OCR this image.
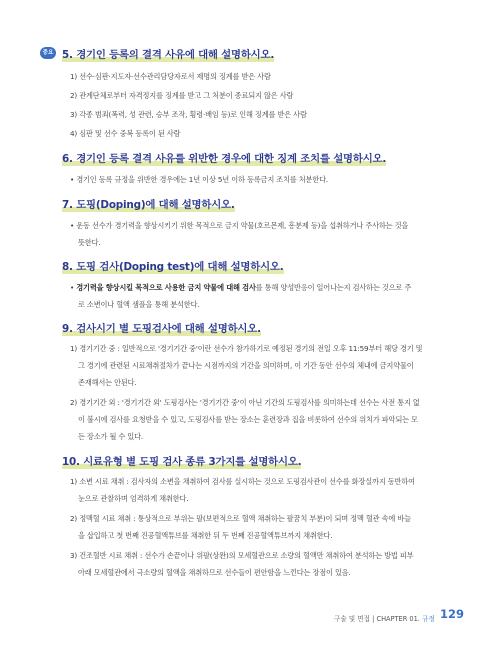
중요 5. 경기인 등록의 결격 사유에 대해 설명하시오.

1) 선수·심판·지도자·선수관리담당자로서 제명의 징계를 받은 사람

2) 관계단체로부터 자격정지를 징계를 받고 그 처분이 종료되지 않은 사람

3) 각종 범죄(폭력, 성 관련, 승부 조작, 횡령·배임 등)로 인해 징계를 받은 사람

4) 심판 및 선수 중복 등록이 된 사람

6. 경기인 등록 결격 사유를 위반한 경우에 대한 징계 조치를 설명하시오.

• 경기인 등록 규정을 위반한 경우에는 1년 이상 5년 이하 등록금지 조치를 처분한다.

7. 도핑(Doping)에 대해 설명하시오.

• 운동 선수가 경기력을 향상시키기 위한 목적으로 금지 약물(호르몬제, 흥분제 등)을 섭취하거나 주사하는 것을

뜻한다.

8. 도핑 검사(Doping test)에 대해 설명하시오.

• 경기력을 향상시킬 목적으로 사용한 금지 약물에 대해 검사를 통해 양성반응이 일어나는지 검사하는 것으로 주

로 소변이나 혈액 샘플을 통해 분석한다.

9. 검사시기 별 도핑검사에 대해 설명하시오.

1) 경기기간 중 : 일반적으로 '경기기간 중'이란 선수가 참가하기로 예정된 경기의 전일 오후 11:59부터 해당 경기 및

그 경기에 관련된 시료채취절차가 끝나는 시점까지의 기간을 의미하며, 이 기간 동안 선수의 체내에 금지약물이

존재해서는 안된다.

2) 경기기간 외 : '경기기간 외' 도핑검사는 '경기기간 중'이 아닌 기간의 도핑검사를 의미하는데 선수는 사전 통지 없

이 불시에 검사를 요청받을 수 있고, 도핑검사를 받는 장소는 훈련장과 집을 비롯하여 선수의 위치가 파악되는 모

든 장소가 될 수 있다.

10. 시료유형 별 도핑 검사 종류 3가지를 설명하시오.

1) 소변 시료 채취 : 검사자의 소변을 채취하여 검사를 실시하는 것으로 도핑검사관이 선수를 화장실까지 동반하여

눈으로 관찰하며 엄격하게 채취한다.

2) 정맥혈 시료 채취 : 통상적으로 부위는 팔(보편적으로 혈액 채취하는 팔꿈치 부분)이 되며 정맥 혈관 속에 바늘

을 삽입하고 첫 번째 진공혈액튜브를 채취한 뒤 두 번째 진공혈액튜브까지 채취한다.

3) 건조혈반 시료 채취 : 선수가 손끝이나 위팔(상완)의 모세혈관으로 소량의 혈액만 채취하여 분석하는 방법 피부

아래 모세혈관에서 극소량의 혈액을 채취하므로 선수들이 편안함을 느낀다는 장점이 있음.

구술 및 면접 | CHAPTER 01. 규정 129
